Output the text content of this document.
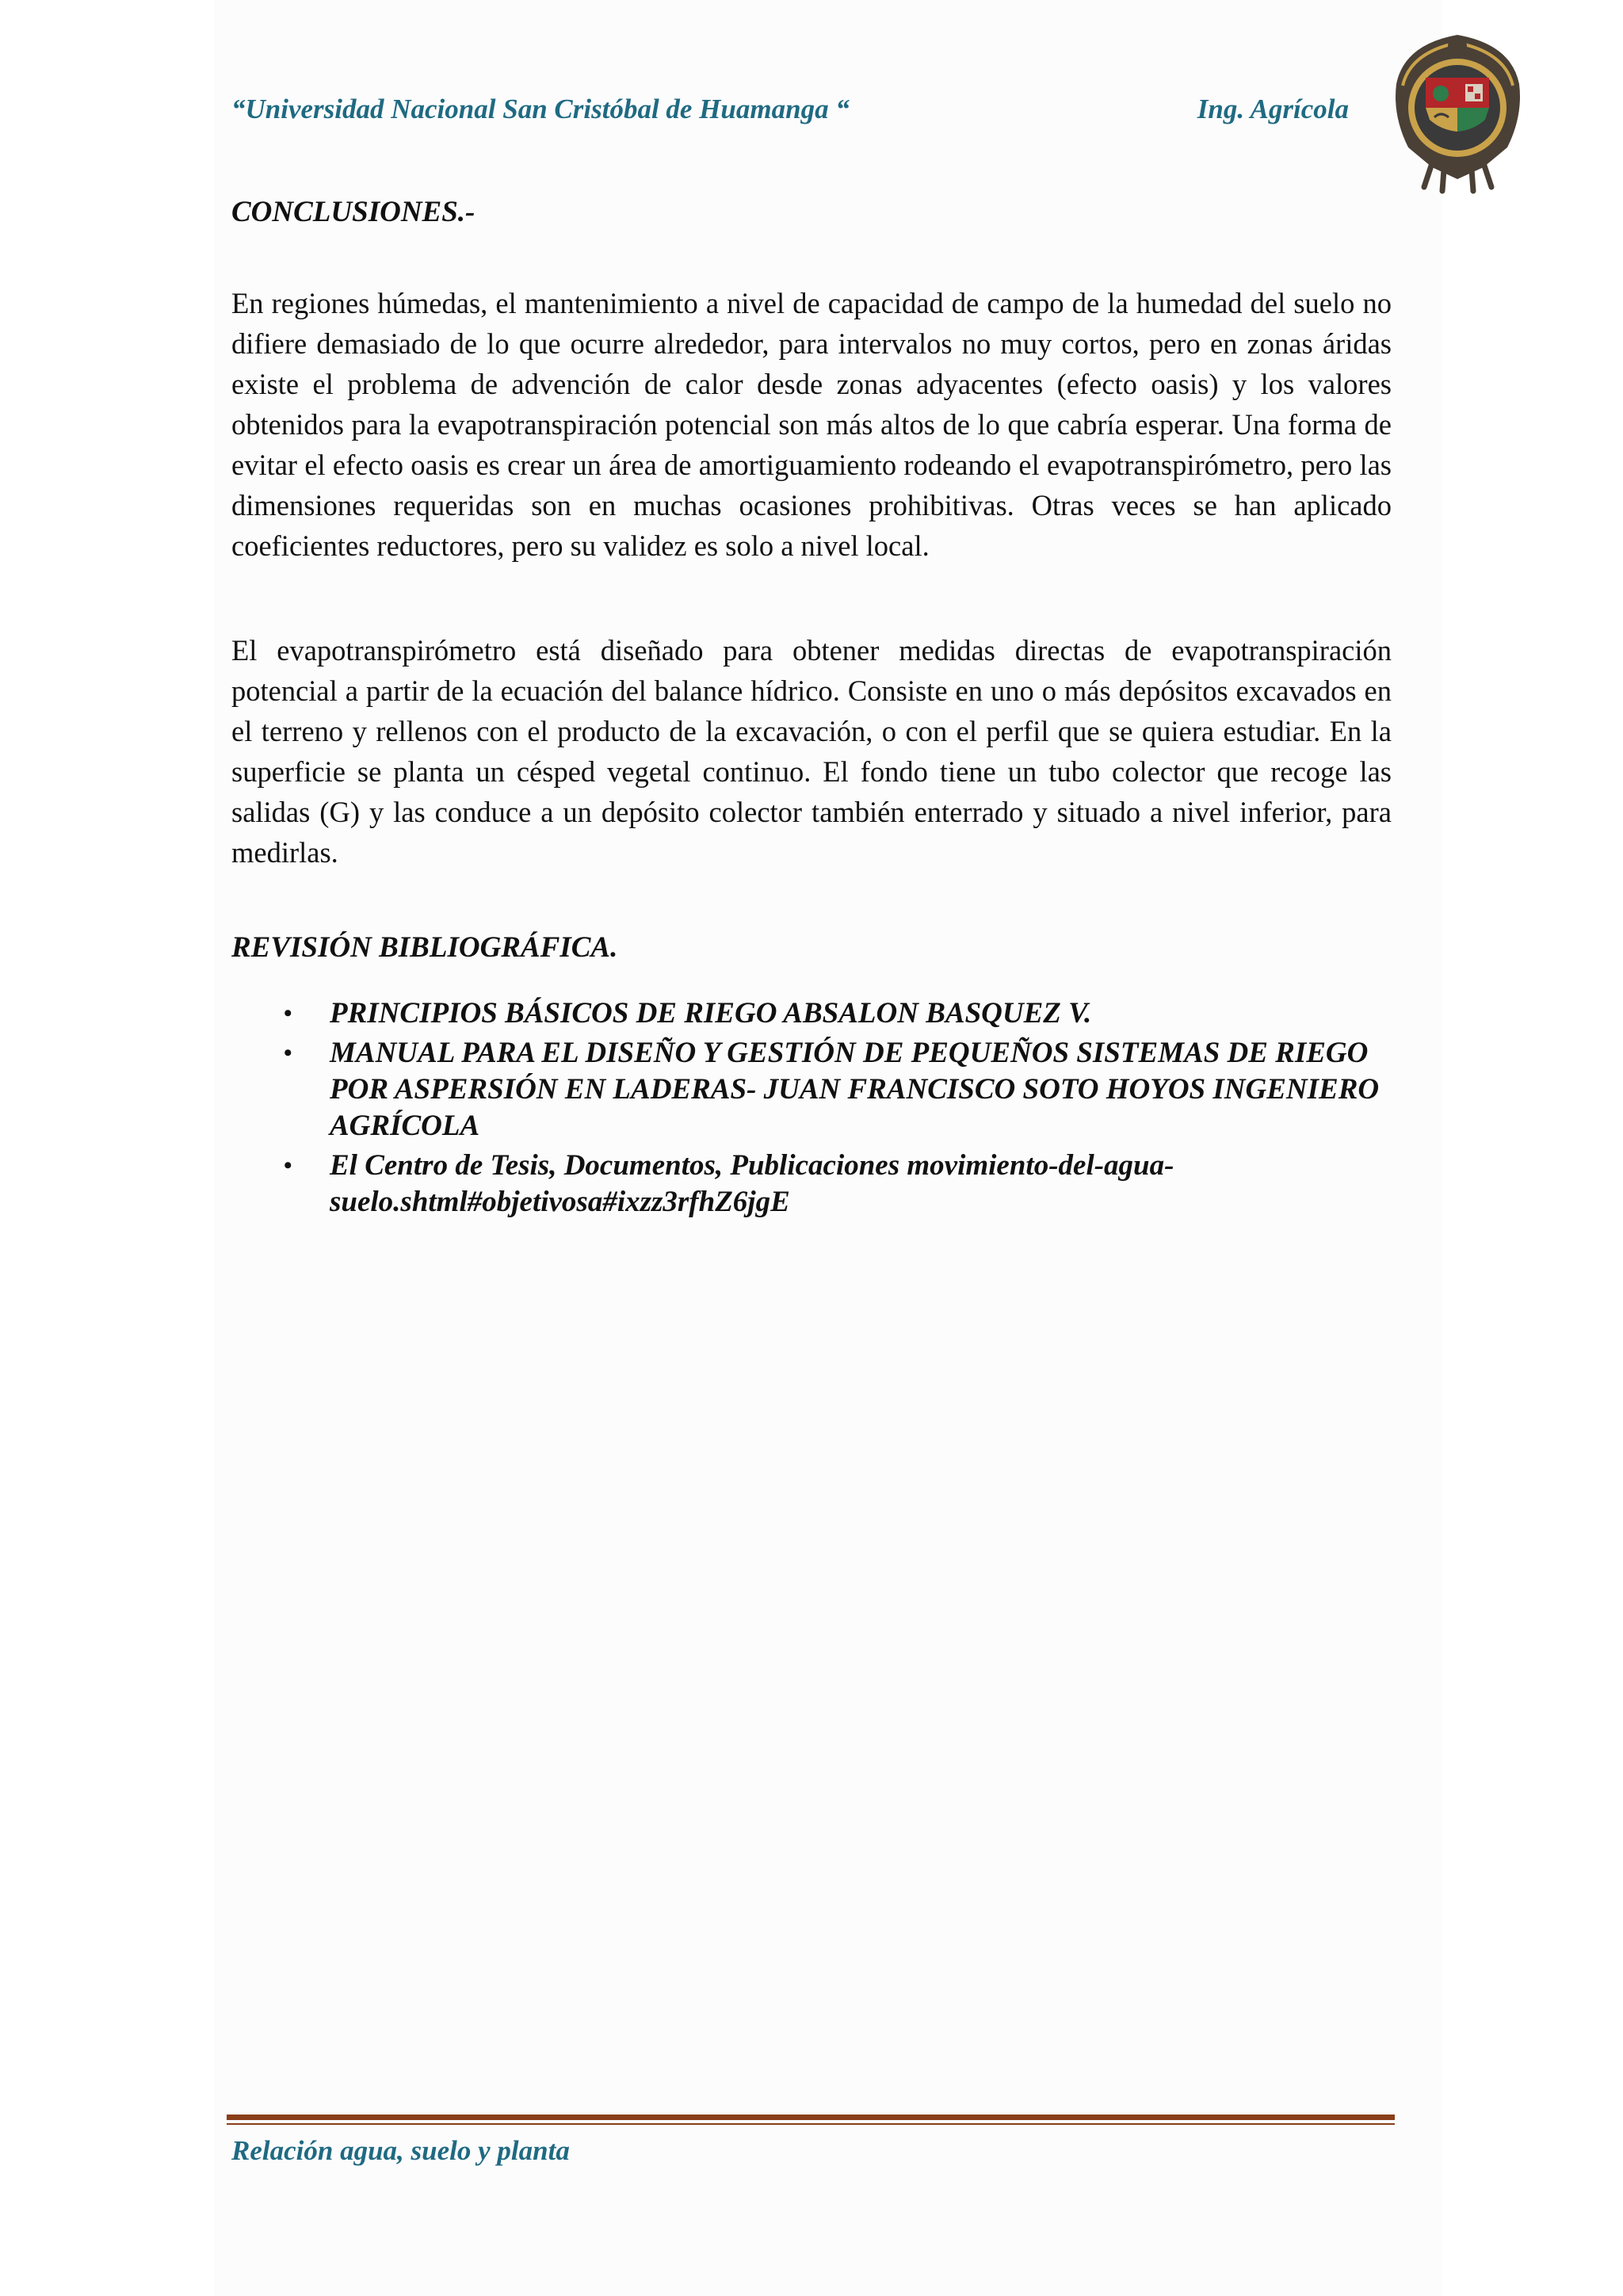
“Universidad Nacional San Cristóbal de Huamanga “	Ing. Agrícola
CONCLUSIONES.-

En regiones húmedas, el mantenimiento a nivel de capacidad de campo de la humedad del suelo no difiere demasiado de lo que ocurre alrededor, para intervalos no muy cortos, pero en zonas áridas existe el problema de advención de calor desde zonas adyacentes (efecto oasis) y los valores obtenidos para la evapotranspiración potencial son más altos de lo que cabría esperar. Una forma de evitar el efecto oasis es crear un área de amortiguamiento rodeando el evapotranspirómetro, pero las dimensiones requeridas son en muchas ocasiones prohibitivas. Otras veces se han aplicado coeficientes reductores, pero su validez es solo a nivel local.

El evapotranspirómetro está diseñado para obtener medidas directas de evapotranspiración potencial a partir de la ecuación del balance hídrico. Consiste en uno o más depósitos excavados en el terreno y rellenos con el producto de la excavación, o con el perfil que se quiera estudiar. En la superficie se planta un césped vegetal continuo. El fondo tiene un tubo colector que recoge las salidas (G) y las conduce a un depósito colector también enterrado y situado a nivel inferior, para medirlas.

REVISIÓN BIBLIOGRÁFICA.
• PRINCIPIOS BÁSICOS DE RIEGO ABSALON BASQUEZ V.
• MANUAL PARA EL DISEÑO Y GESTIÓN DE PEQUEÑOS SISTEMAS DE RIEGO POR ASPERSIÓN EN LADERAS- JUAN FRANCISCO SOTO HOYOS INGENIERO AGRÍCOLA
• El Centro de Tesis, Documentos, Publicaciones movimiento-del-agua-suelo.shtml#objetivosa#ixzz3rfhZ6jgE
Relación agua, suelo y planta
